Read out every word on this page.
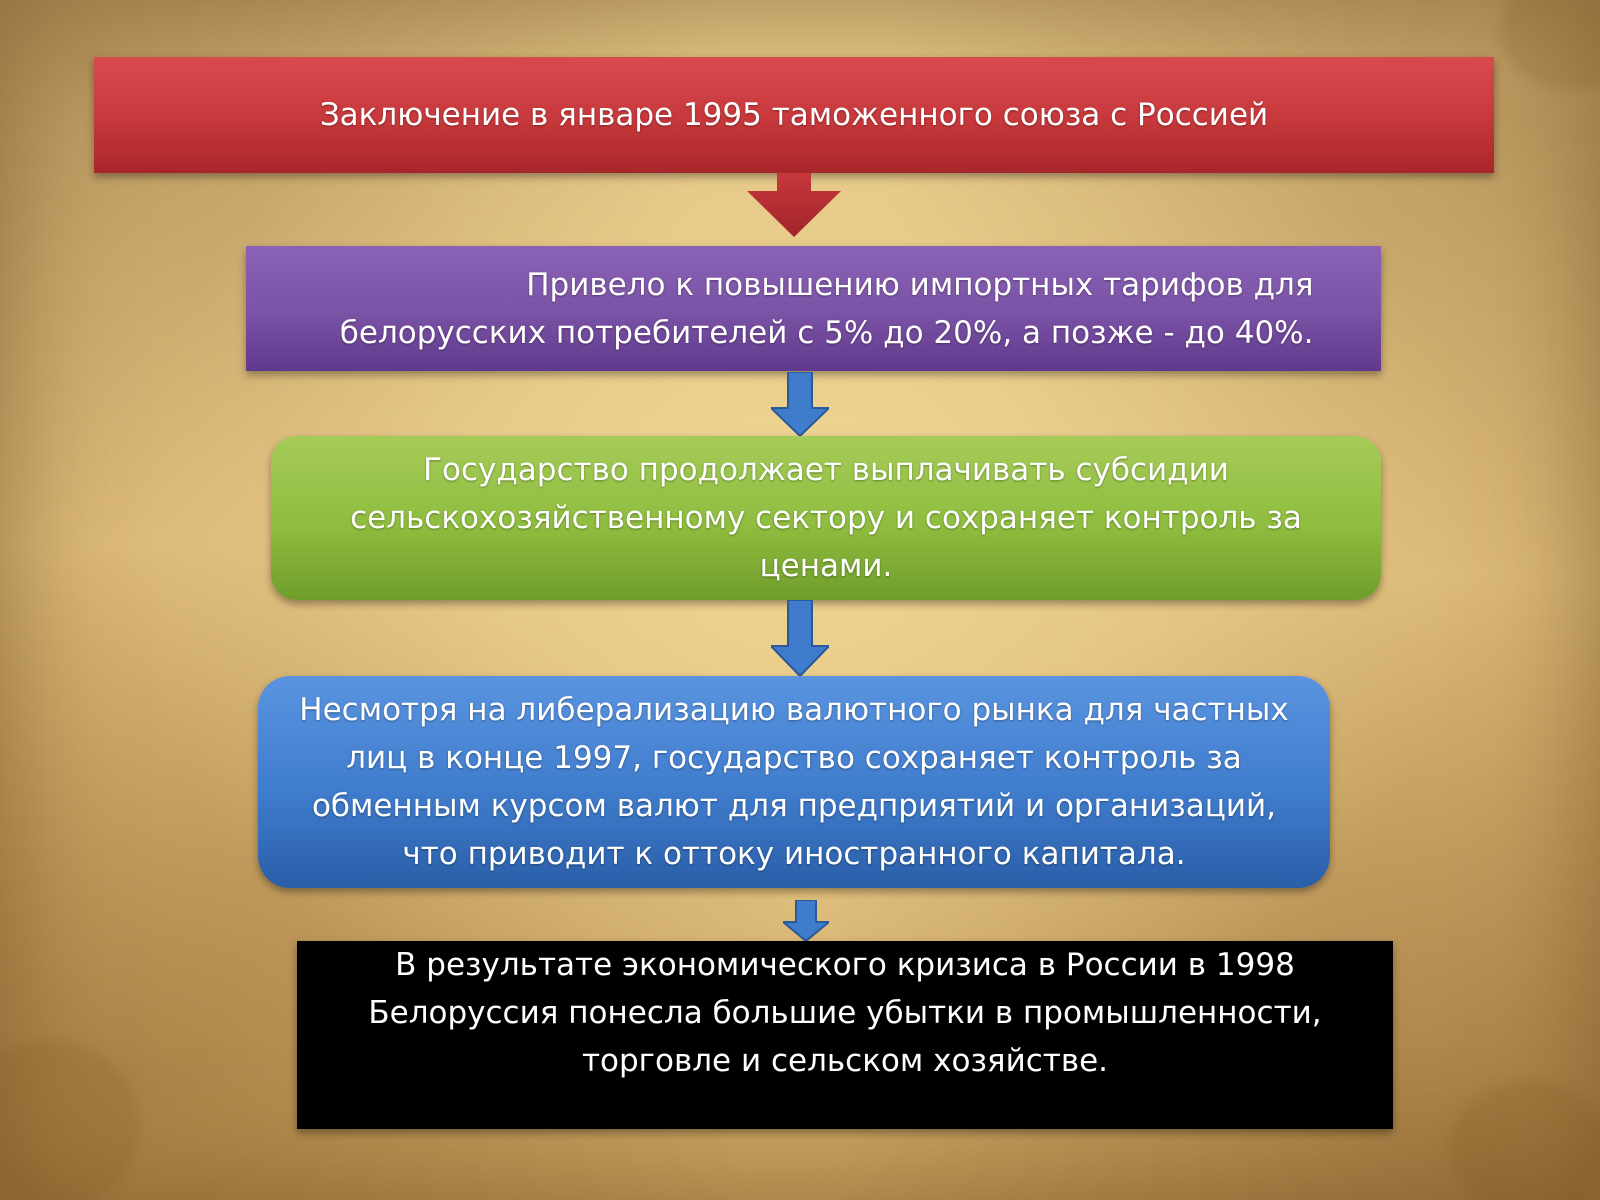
Заключение в январе 1995 таможенного союза с Россией
Привело к повышению импортных тарифов для
белорусских потребителей с 5% до 20%, а позже - до 40%.
Государство продолжает выплачивать субсидии
сельскохозяйственному сектору и сохраняет контроль за
ценами.
Несмотря на либерализацию валютного рынка для частных
лиц в конце 1997, государство сохраняет контроль за
обменным курсом валют для предприятий и организаций,
что приводит к оттоку иностранного капитала.
В результате экономического кризиса в России в 1998
Белоруссия понесла большие убытки в промышленности,
торговле и сельском хозяйстве.
